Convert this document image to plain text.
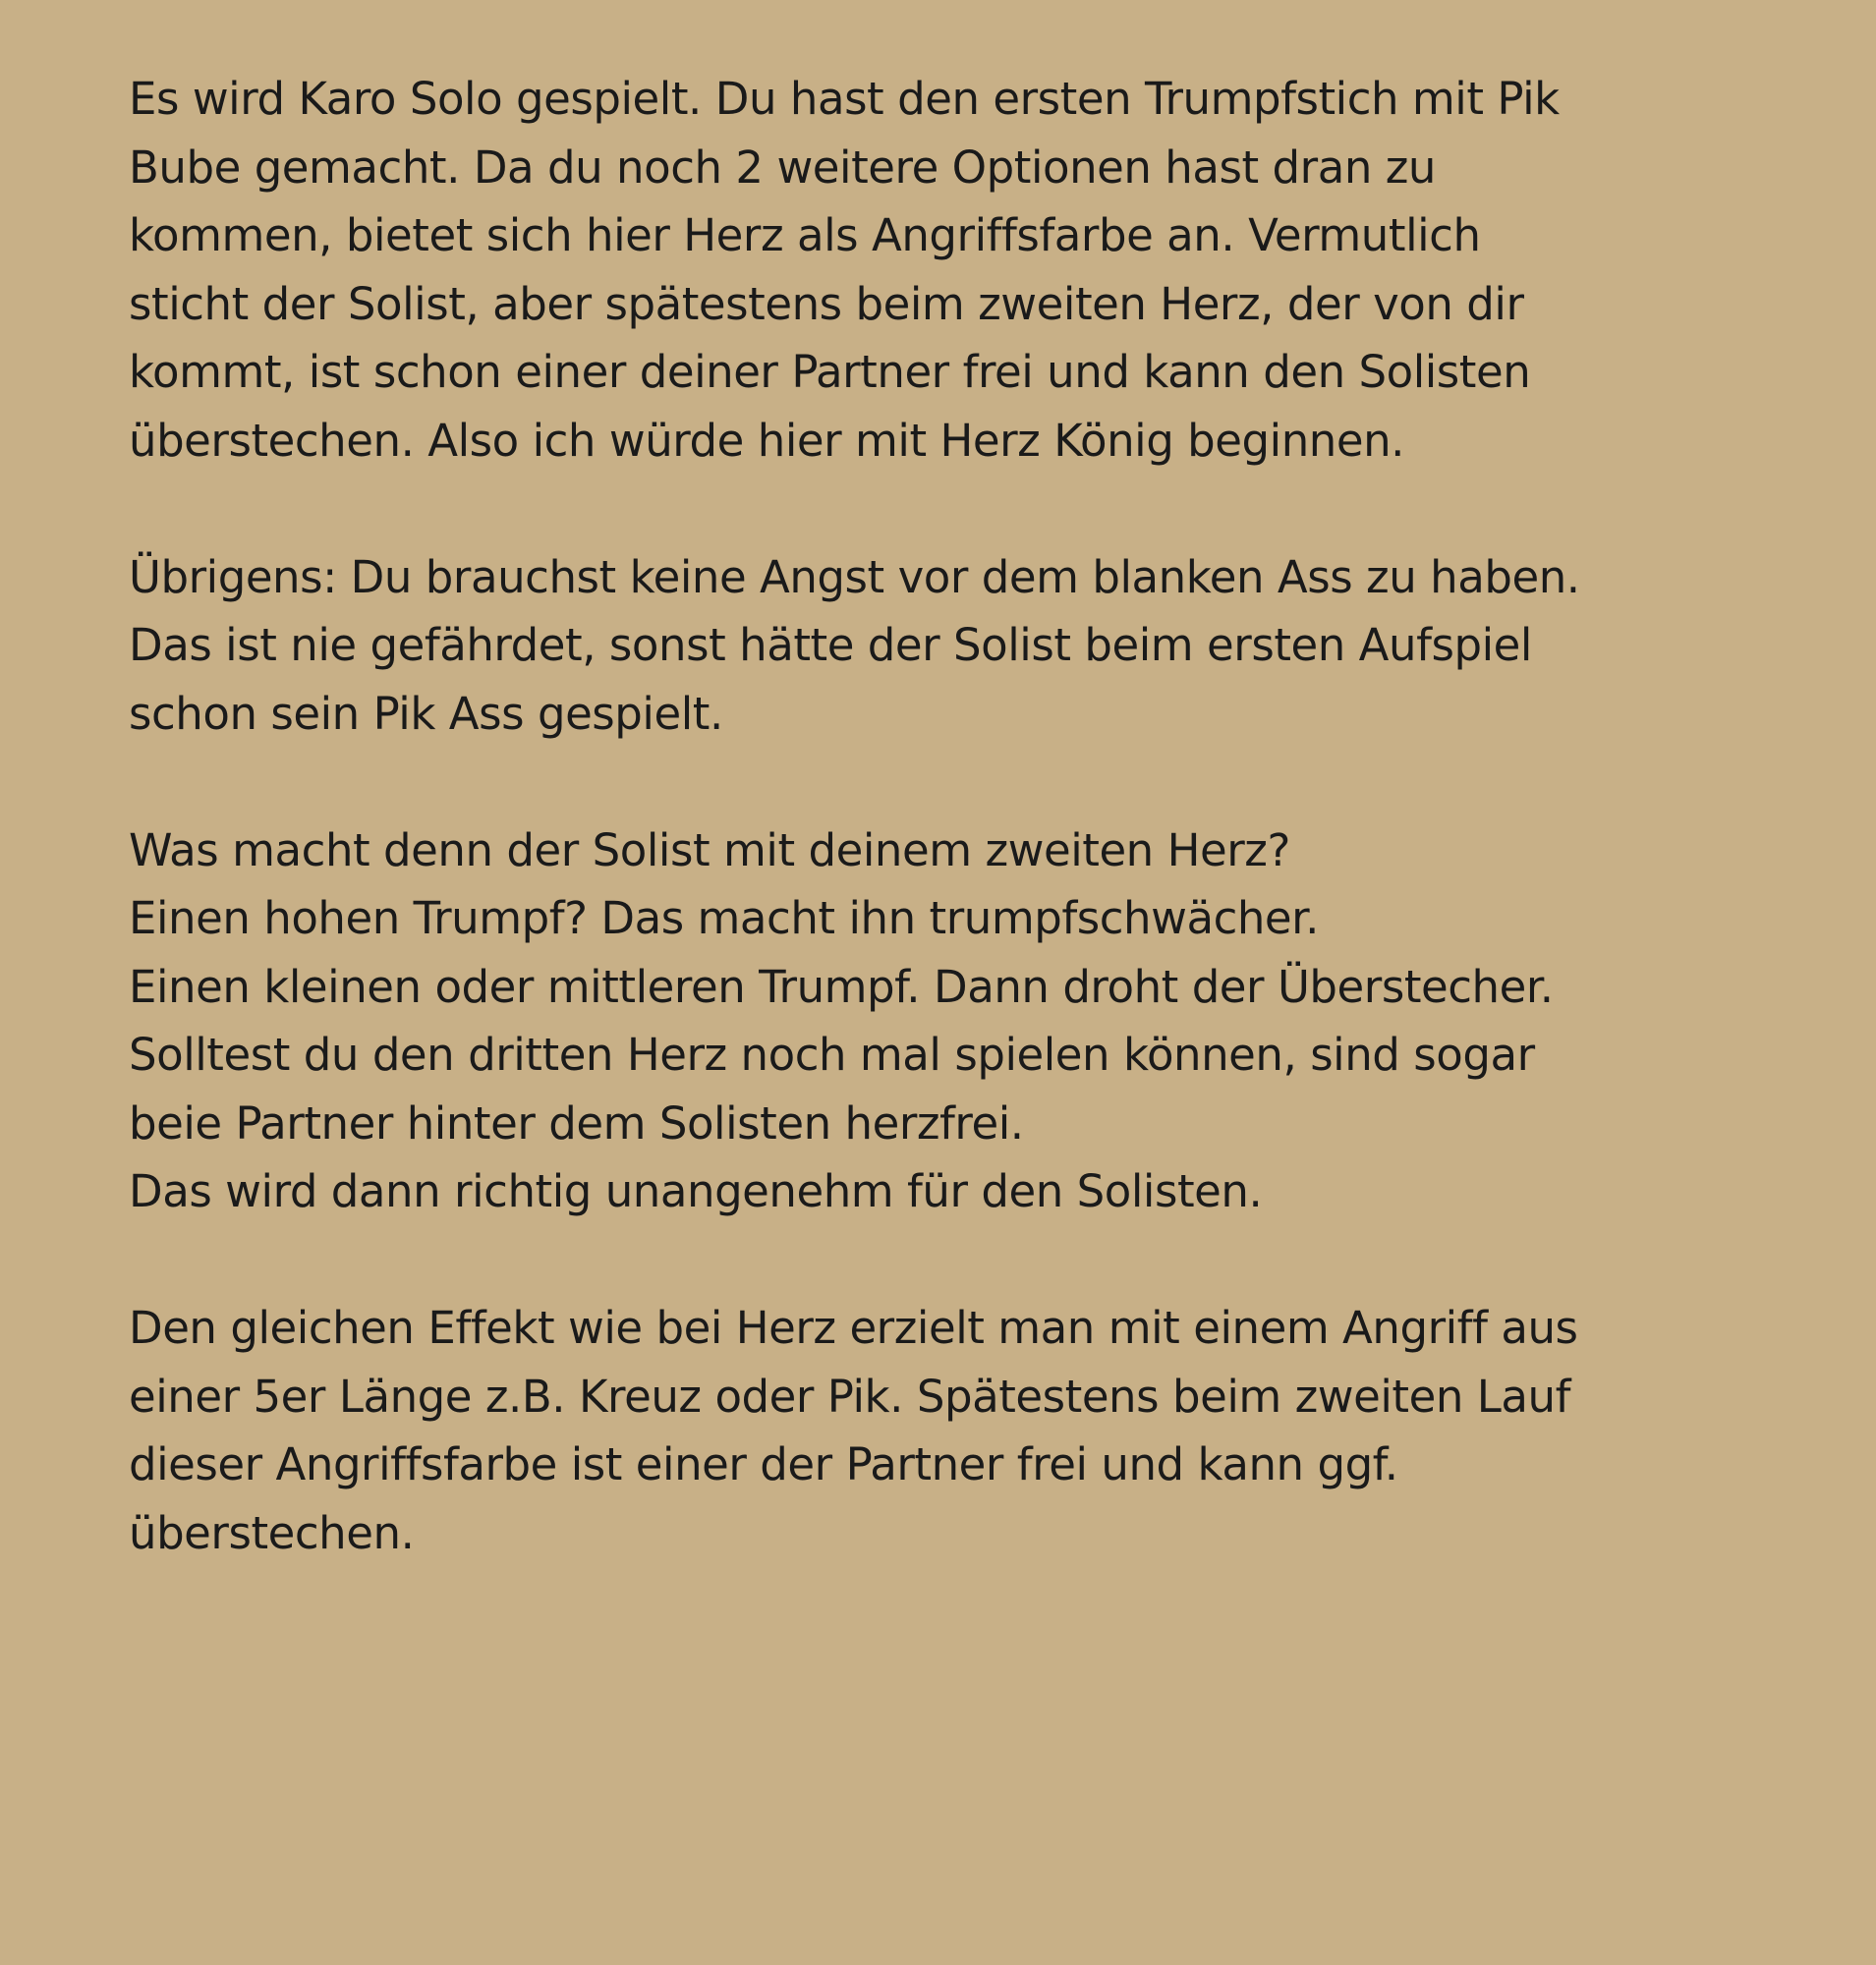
Es wird Karo Solo gespielt. Du hast den ersten Trumpfstich mit Pik
Bube gemacht. Da du noch 2 weitere Optionen hast dran zu
kommen, bietet sich hier Herz als Angriffsfarbe an. Vermutlich
sticht der Solist, aber spätestens beim zweiten Herz, der von dir
kommt, ist schon einer deiner Partner frei und kann den Solisten
überstechen. Also ich würde hier mit Herz König beginnen.

Übrigens: Du brauchst keine Angst vor dem blanken Ass zu haben.
Das ist nie gefährdet, sonst hätte der Solist beim ersten Aufspiel
schon sein Pik Ass gespielt.

Was macht denn der Solist mit deinem zweiten Herz?
Einen hohen Trumpf? Das macht ihn trumpfschwächer.
Einen kleinen oder mittleren Trumpf. Dann droht der Überstecher.
Solltest du den dritten Herz noch mal spielen können, sind sogar
beie Partner hinter dem Solisten herzfrei.
Das wird dann richtig unangenehm für den Solisten.

Den gleichen Effekt wie bei Herz erzielt man mit einem Angriff aus
einer 5er Länge z.B. Kreuz oder Pik. Spätestens beim zweiten Lauf
dieser Angriffsfarbe ist einer der Partner frei und kann ggf.
überstechen.
